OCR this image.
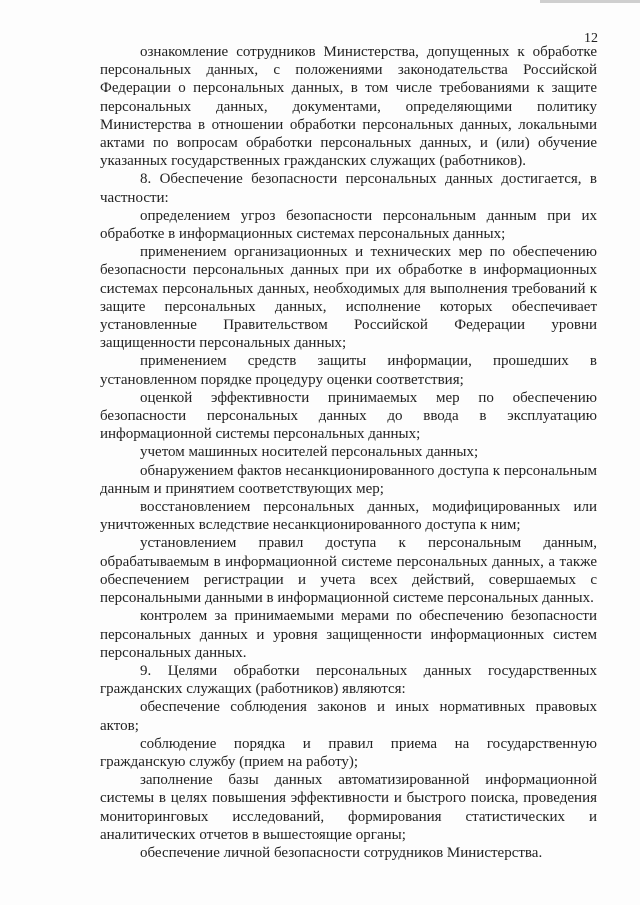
12

ознакомление сотрудников Министерства, допущенных к обработке персональных данных, с положениями законодательства Российской Федерации о персональных данных, в том числе требованиями к защите персональных данных, документами, определяющими политику Министерства в отношении обработки персональных данных, локальными актами по вопросам обработки персональных данных, и (или) обучение указанных государственных гражданских служащих (работников).

8. Обеспечение безопасности персональных данных достигается, в частности:

определением угроз безопасности персональным данным при их обработке в информационных системах персональных данных;

применением организационных и технических мер по обеспечению безопасности персональных данных при их обработке в информационных системах персональных данных, необходимых для выполнения требований к защите персональных данных, исполнение которых обеспечивает установленные Правительством Российской Федерации уровни защищенности персональных данных;

применением средств защиты информации, прошедших в установленном порядке процедуру оценки соответствия;

оценкой эффективности принимаемых мер по обеспечению безопасности персональных данных до ввода в эксплуатацию информационной системы персональных данных;

учетом машинных носителей персональных данных;

обнаружением фактов несанкционированного доступа к персональным данным и принятием соответствующих мер;

восстановлением персональных данных, модифицированных или уничтоженных вследствие несанкционированного доступа к ним;

установлением правил доступа к персональным данным, обрабатываемым в информационной системе персональных данных, а также обеспечением регистрации и учета всех действий, совершаемых с персональными данными в информационной системе персональных данных.

контролем за принимаемыми мерами по обеспечению безопасности персональных данных и уровня защищенности информационных систем персональных данных.

9. Целями обработки персональных данных государственных гражданских служащих (работников) являются:

обеспечение соблюдения законов и иных нормативных правовых актов;

соблюдение порядка и правил приема на государственную гражданскую службу (прием на работу);

заполнение базы данных автоматизированной информационной системы в целях повышения эффективности и быстрого поиска, проведения мониторинговых исследований, формирования статистических и аналитических отчетов в вышестоящие органы;

обеспечение личной безопасности сотрудников Министерства.
